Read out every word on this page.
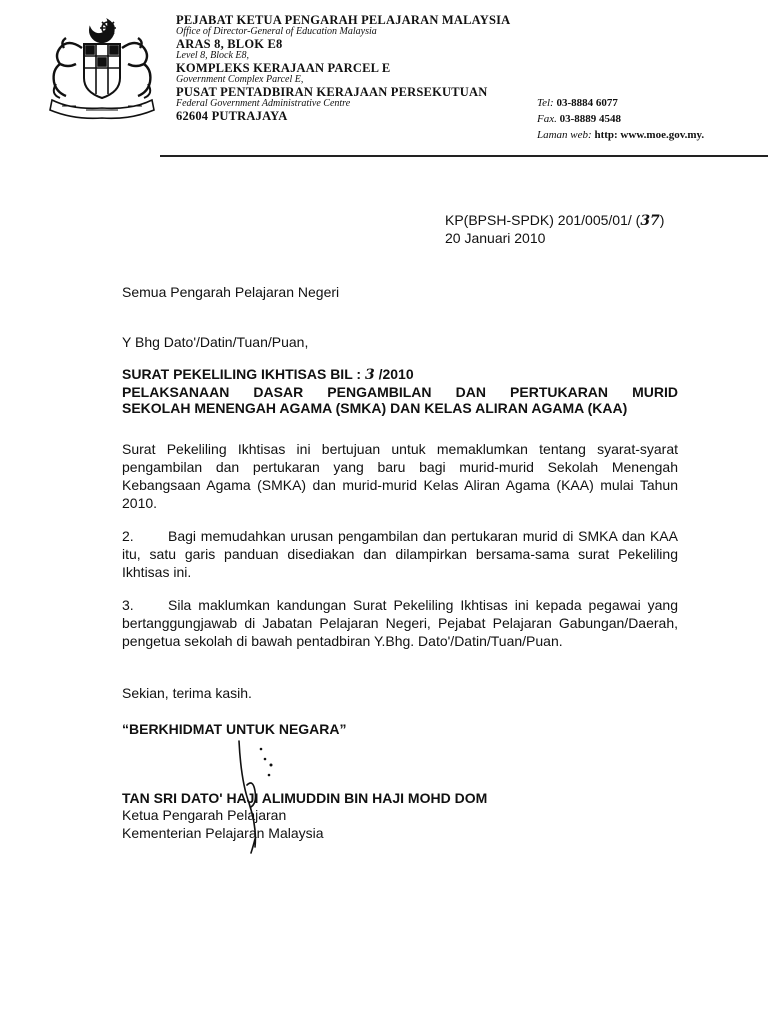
PEJABAT KETUA PENGARAH PELAJARAN MALAYSIA
Office of Director-General of Education Malaysia
ARAS 8, BLOK E8
Level 8, Block E8,
KOMPLEKS KERAJAAN PARCEL E
Government Complex Parcel E,
PUSAT PENTADBIRAN KERAJAAN PERSEKUTUAN
Federal Government Administrative Centre
62604 PUTRAJAYA
Tel: 03-8884 6077
Fax. 03-8889 4548
Laman web: http: www.moe.gov.my.
KP(BPSH-SPDK) 201/005/01/ (37)
20 Januari 2010
Semua Pengarah Pelajaran Negeri
Y Bhg Dato'/Datin/Tuan/Puan,
SURAT PEKELILING IKHTISAS BIL : 3 /2010
PELAKSANAAN DASAR PENGAMBILAN DAN PERTUKARAN MURID
SEKOLAH MENENGAH AGAMA (SMKA) DAN KELAS ALIRAN AGAMA (KAA)
Surat Pekeliling Ikhtisas ini bertujuan untuk memaklumkan tentang syarat-syarat pengambilan dan pertukaran yang baru bagi murid-murid Sekolah Menengah Kebangsaan Agama (SMKA) dan murid-murid Kelas Aliran Agama (KAA) mulai Tahun 2010.
2. Bagi memudahkan urusan pengambilan dan pertukaran murid di SMKA dan KAA itu, satu garis panduan disediakan dan dilampirkan bersama-sama surat Pekeliling Ikhtisas ini.
3. Sila maklumkan kandungan Surat Pekeliling Ikhtisas ini kepada pegawai yang bertanggungjawab di Jabatan Pelajaran Negeri, Pejabat Pelajaran Gabungan/Daerah, pengetua sekolah di bawah pentadbiran Y.Bhg. Dato'/Datin/Tuan/Puan.
Sekian, terima kasih.
“BERKHIDMAT UNTUK NEGARA”
TAN SRI DATO' HAJI ALIMUDDIN BIN HAJI MOHD DOM
Ketua Pengarah Pelajaran
Kementerian Pelajaran Malaysia
